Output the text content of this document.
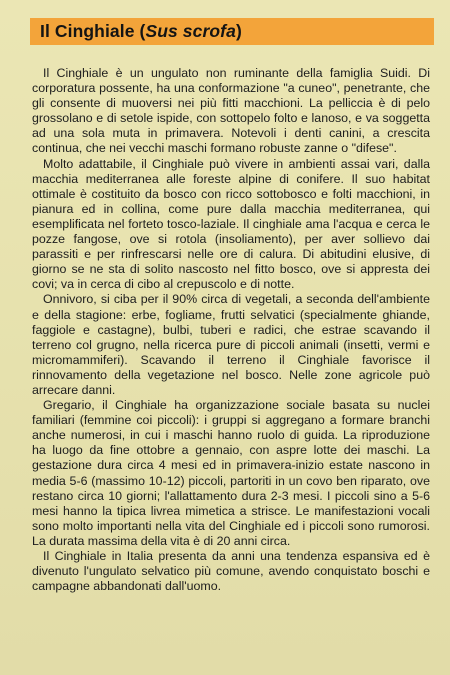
Il Cinghiale (Sus scrofa)

Il Cinghiale è un ungulato non ruminante della famiglia Suidi. Di corporatura possente, ha una conformazione "a cuneo", penetrante, che gli consente di muoversi nei più fitti macchioni. La pelliccia è di pelo grossolano e di setole ispide, con sottopelo folto e lanoso, e va soggetta ad una sola muta in primavera. Notevoli i denti canini, a crescita continua, che nei vecchi maschi formano robuste zanne o "difese".

Molto adattabile, il Cinghiale può vivere in ambienti assai vari, dalla macchia mediterranea alle foreste alpine di conifere. Il suo habitat ottimale è costituito da bosco con ricco sottobosco e folti macchioni, in pianura ed in collina, come pure dalla macchia mediterranea, qui esemplificata nel forteto tosco-laziale. Il cinghiale ama l'acqua e cerca le pozze fangose, ove si rotola (insoliamento), per aver sollievo dai parassiti e per rinfrescarsi nelle ore di calura. Di abitudini elusive, di giorno se ne sta di solito nascosto nel fitto bosco, ove si appresta dei covi; va in cerca di cibo al crepuscolo e di notte.

Onnivoro, si ciba per il 90% circa di vegetali, a seconda dell'ambiente e della stagione: erbe, fogliame, frutti selvatici (specialmente ghiande, faggiole e castagne), bulbi, tuberi e radici, che estrae scavando il terreno col grugno, nella ricerca pure di piccoli animali (insetti, vermi e micromammiferi). Scavando il terreno il Cinghiale favorisce il rinnovamento della vegetazione nel bosco. Nelle zone agricole può arrecare danni.

Gregario, il Cinghiale ha organizzazione sociale basata su nuclei familiari (femmine coi piccoli): i gruppi si aggregano a formare branchi anche numerosi, in cui i maschi hanno ruolo di guida. La riproduzione ha luogo da fine ottobre a gennaio, con aspre lotte dei maschi. La gestazione dura circa 4 mesi ed in primavera-inizio estate nascono in media 5-6 (massimo 10-12) piccoli, partoriti in un covo ben riparato, ove restano circa 10 giorni; l'allattamento dura 2-3 mesi. I piccoli sino a 5-6 mesi hanno la tipica livrea mimetica a strisce. Le manifestazioni vocali sono molto importanti nella vita del Cinghiale ed i piccoli sono rumorosi. La durata massima della vita è di 20 anni circa.

Il Cinghiale in Italia presenta da anni una tendenza espansiva ed è divenuto l'ungulato selvatico più comune, avendo conquistato boschi e campagne abbandonati dall'uomo.
